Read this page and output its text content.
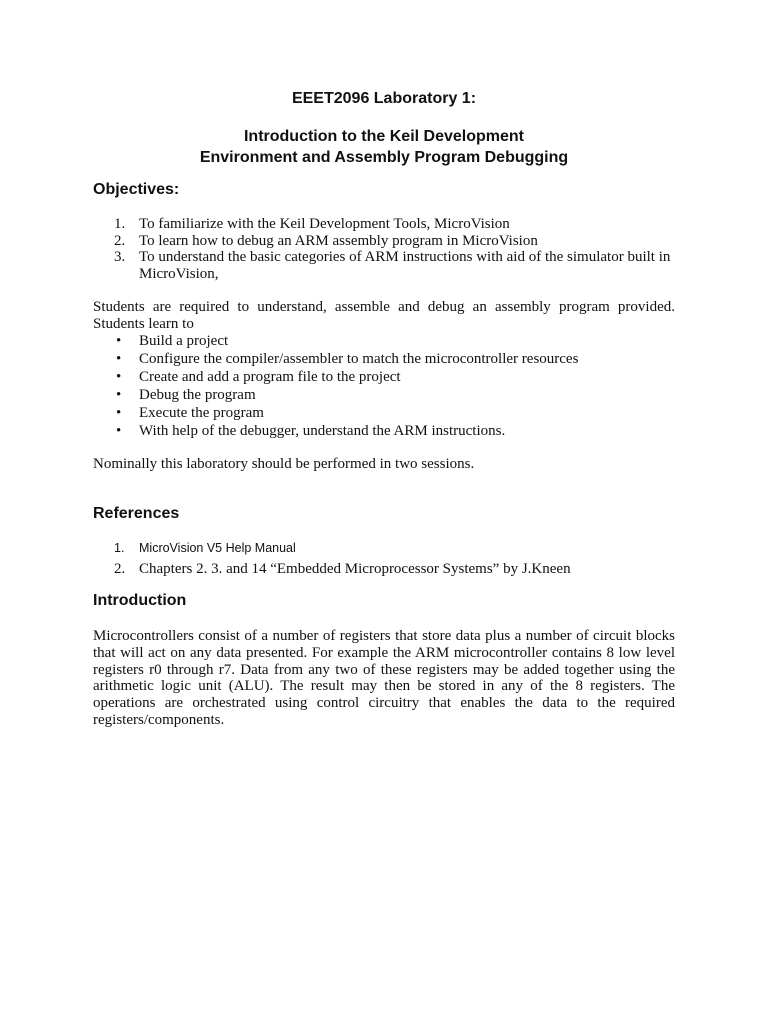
EEET2096 Laboratory 1:
Introduction to the Keil Development
Environment and Assembly Program Debugging
Objectives:
1. To familiarize with the Keil Development Tools, MicroVision
2. To learn how to debug an ARM assembly program in MicroVision
3. To understand the basic categories of ARM instructions with aid of the simulator built in MicroVision,

Students are required to understand, assemble and debug an assembly program provided. Students learn to

• Build a project
• Configure the compiler/assembler to match the microcontroller resources
• Create and add a program file to the project
• Debug the program
• Execute the program
• With help of the debugger, understand the ARM instructions.

Nominally this laboratory should be performed in two sessions.

References
1. MicroVision V5 Help Manual
2. Chapters 2. 3. and 14 “Embedded Microprocessor Systems” by J.Kneen
Introduction

Microcontrollers consist of a number of registers that store data plus a number of circuit blocks that will act on any data presented. For example the ARM microcontroller contains 8 low level registers r0 through r7. Data from any two of these registers may be added together using the arithmetic logic unit (ALU). The result may then be stored in any of the 8 registers. The operations are orchestrated using control circuitry that enables the data to the required registers/components.
